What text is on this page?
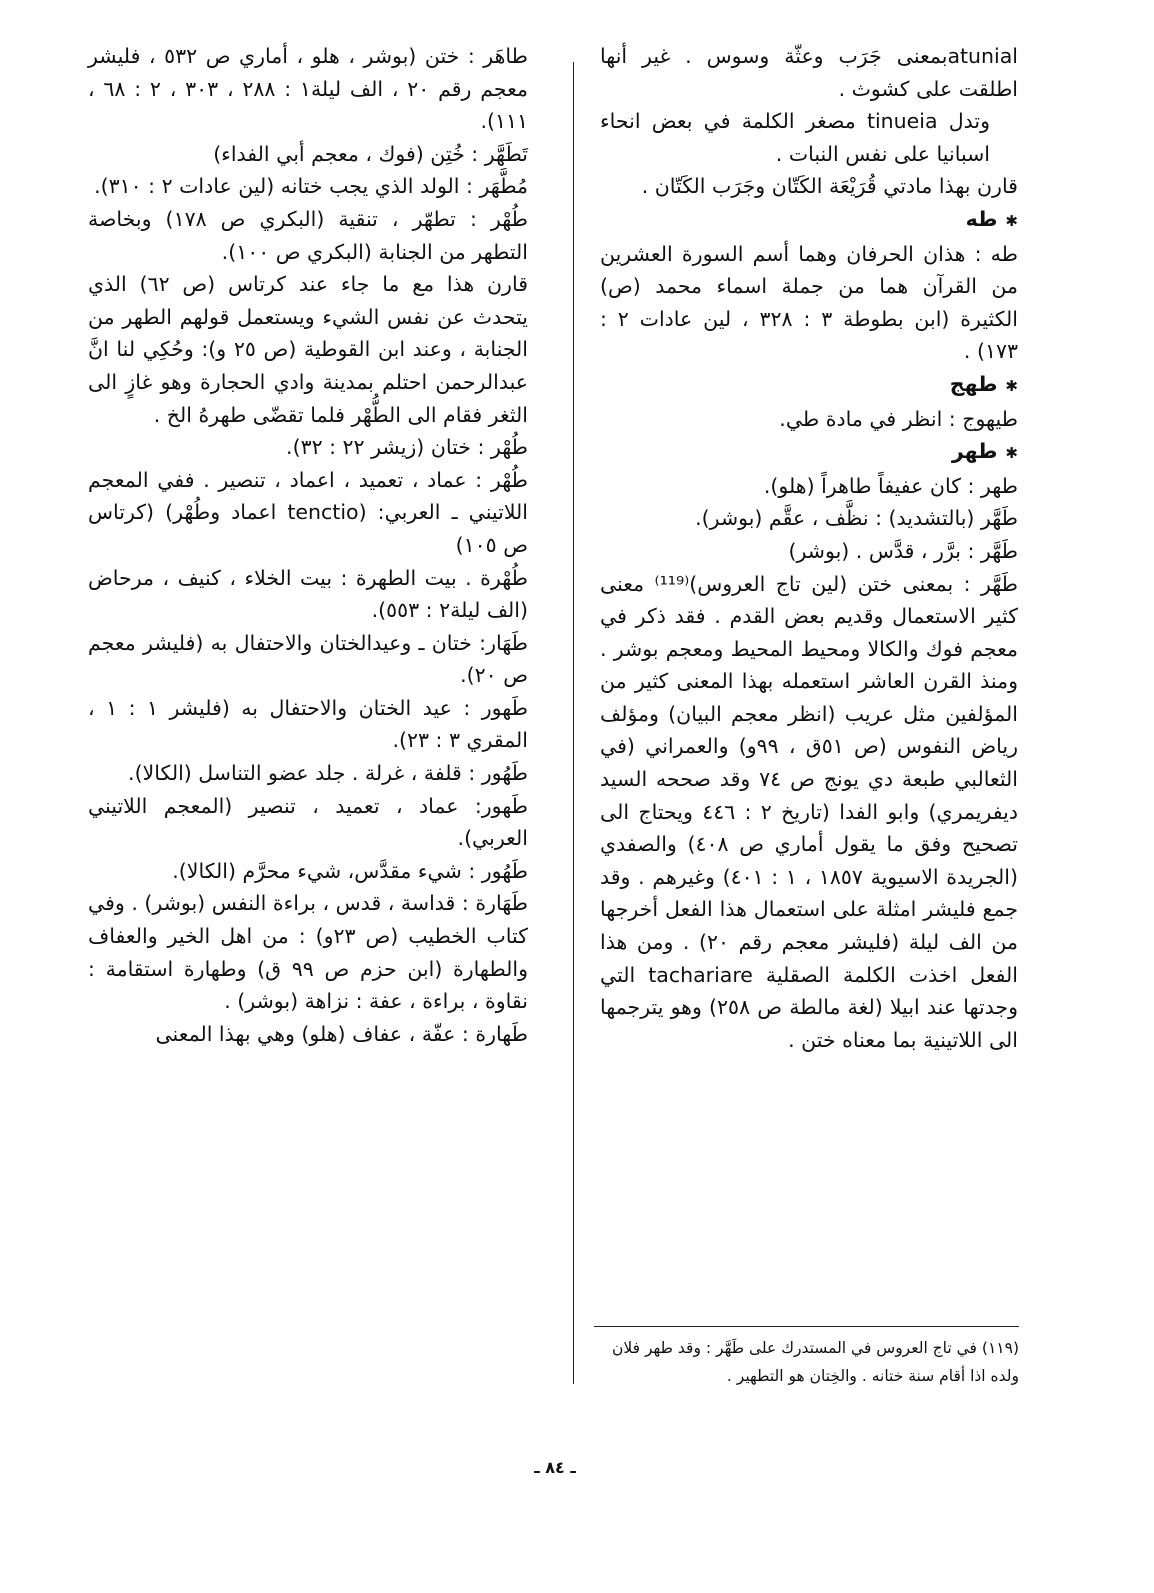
atunialبمعنى جَرَب وعثّة وسوس . غير أنها اطلقت على كشوث .

وتدل tinueia مصغر الكلمة في بعض انحاء اسبانيا على نفس النبات .

قارن بهذا مادتي قُرَيْعَة الكَتّان وجَرَب الكَتّان .

✱طه

طه : هذان الحرفان وهما أسم السورة العشرين من القرآن هما من جملة اسماء محمد (ص) الكثيرة (ابن بطوطة ٣ : ٣٢٨ ، لين عادات ٢ : ١٧٣) .

✱طهج

طيهوج : انظر في مادة طي.

✱طهر

طهر : كان عفيفاً طاهراً (هلو).

طَهَّر (بالتشديد) : نظَّف ، عقَّم (بوشر).

طَهَّر : برَّر ، قدَّس . (بوشر)

طَهَّر : بمعنى ختن (لين تاج العروس)⁽¹¹⁹⁾ معنى كثير الاستعمال وقديم بعض القدم . فقد ذكر في معجم فوك والكالا ومحيط المحيط ومعجم بوشر . ومنذ القرن العاشر استعمله بهذا المعنى كثير من المؤلفين مثل عريب (انظر معجم البيان) ومؤلف رياض النفوس (ص ٥١ق ، ٩٩و) والعمراني (في الثعالبي طبعة دي يونج ص ٧٤ وقد صححه السيد ديفريمري) وابو الفدا (تاريخ ٢ : ٤٤٦ ويحتاج الى تصحيح وفق ما يقول أماري ص ٤٠٨) والصفدي (الجريدة الاسيوية ١٨٥٧ ، ١ : ٤٠١) وغيرهم . وقد جمع فليشر امثلة على استعمال هذا الفعل أخرجها من الف ليلة (فليشر معجم رقم ٢٠) . ومن هذا الفعل اخذت الكلمة الصقلية tachariare التي وجدتها عند ابيلا (لغة مالطة ص ٢٥٨) وهو يترجمها الى اللاتينية بما معناه ختن .

طاهَر : ختن (بوشر ، هلو ، أماري ص ٥٣٢ ، فليشر معجم رقم ٢٠ ، الف ليلة١ : ٢٨٨ ، ٣٠٣ ، ٢ : ٦٨ ، ١١١).

تَطَهَّر : خُتِن (فوك ، معجم أبي الفداء)

مُطَّهَر : الولد الذي يجب ختانه (لين عادات ٢ : ٣١٠).

طُهْر : تطهّر ، تنقية (البكري ص ١٧٨) وبخاصة التطهر من الجنابة (البكري ص ١٠٠).

قارن هذا مع ما جاء عند كرتاس (ص ٦٢) الذي يتحدث عن نفس الشيء ويستعمل قولهم الطهر من الجنابة ، وعند ابن القوطية (ص ٢٥ و): وحُكِي لنا انَّ عبدالرحمن احتلم بمدينة وادي الحجارة وهو غازٍ الى الثغر فقام الى الطُّهْر فلما تقضّى طهرهُ الخ .

طُهْر : ختان (زيشر ٢٢ : ٣٢).

طُهْر : عماد ، تعميد ، اعماد ، تنصير . ففي المعجم اللاتيني ـ العربي: (tenctio اعماد وطُهْر) (كرتاس ص ١٠٥)

طُهْرة . بيت الطهرة : بيت الخلاء ، كنيف ، مرحاض (الف ليلة٢ : ٥٥٣).

طَهَار: ختان ـ وعيدالختان والاحتفال به (فليشر معجم ص ٢٠).

طَهور : عيد الختان والاحتفال به (فليشر ١ : ١ ، المقري ٣ : ٢٣).

طَهُور : قلفة ، غرلة . جلد عضو التناسل (الكالا).

طَهور: عماد ، تعميد ، تنصير (المعجم اللاتيني العربي).

طَهُور : شيء مقدَّس، شيء محرَّم (الكالا).

طَهَارة : قداسة ، قدس ، براءة النفس (بوشر) . وفي كتاب الخطيب (ص ٢٣و) : من اهل الخير والعفاف والطهارة (ابن حزم ص ٩٩ ق) وطهارة استقامة : نقاوة ، براءة ، عفة : نزاهة (بوشر) .

طَهارة : عفّة ، عفاف (هلو) وهي بهذا المعنى

(١١٩) في تاج العروس في المستدرك على طَهَّر : وقد طهر فلان

ولده اذا أقام سنة ختانه . والخِتان هو التطهير .

ـ ٨٤ ـ
